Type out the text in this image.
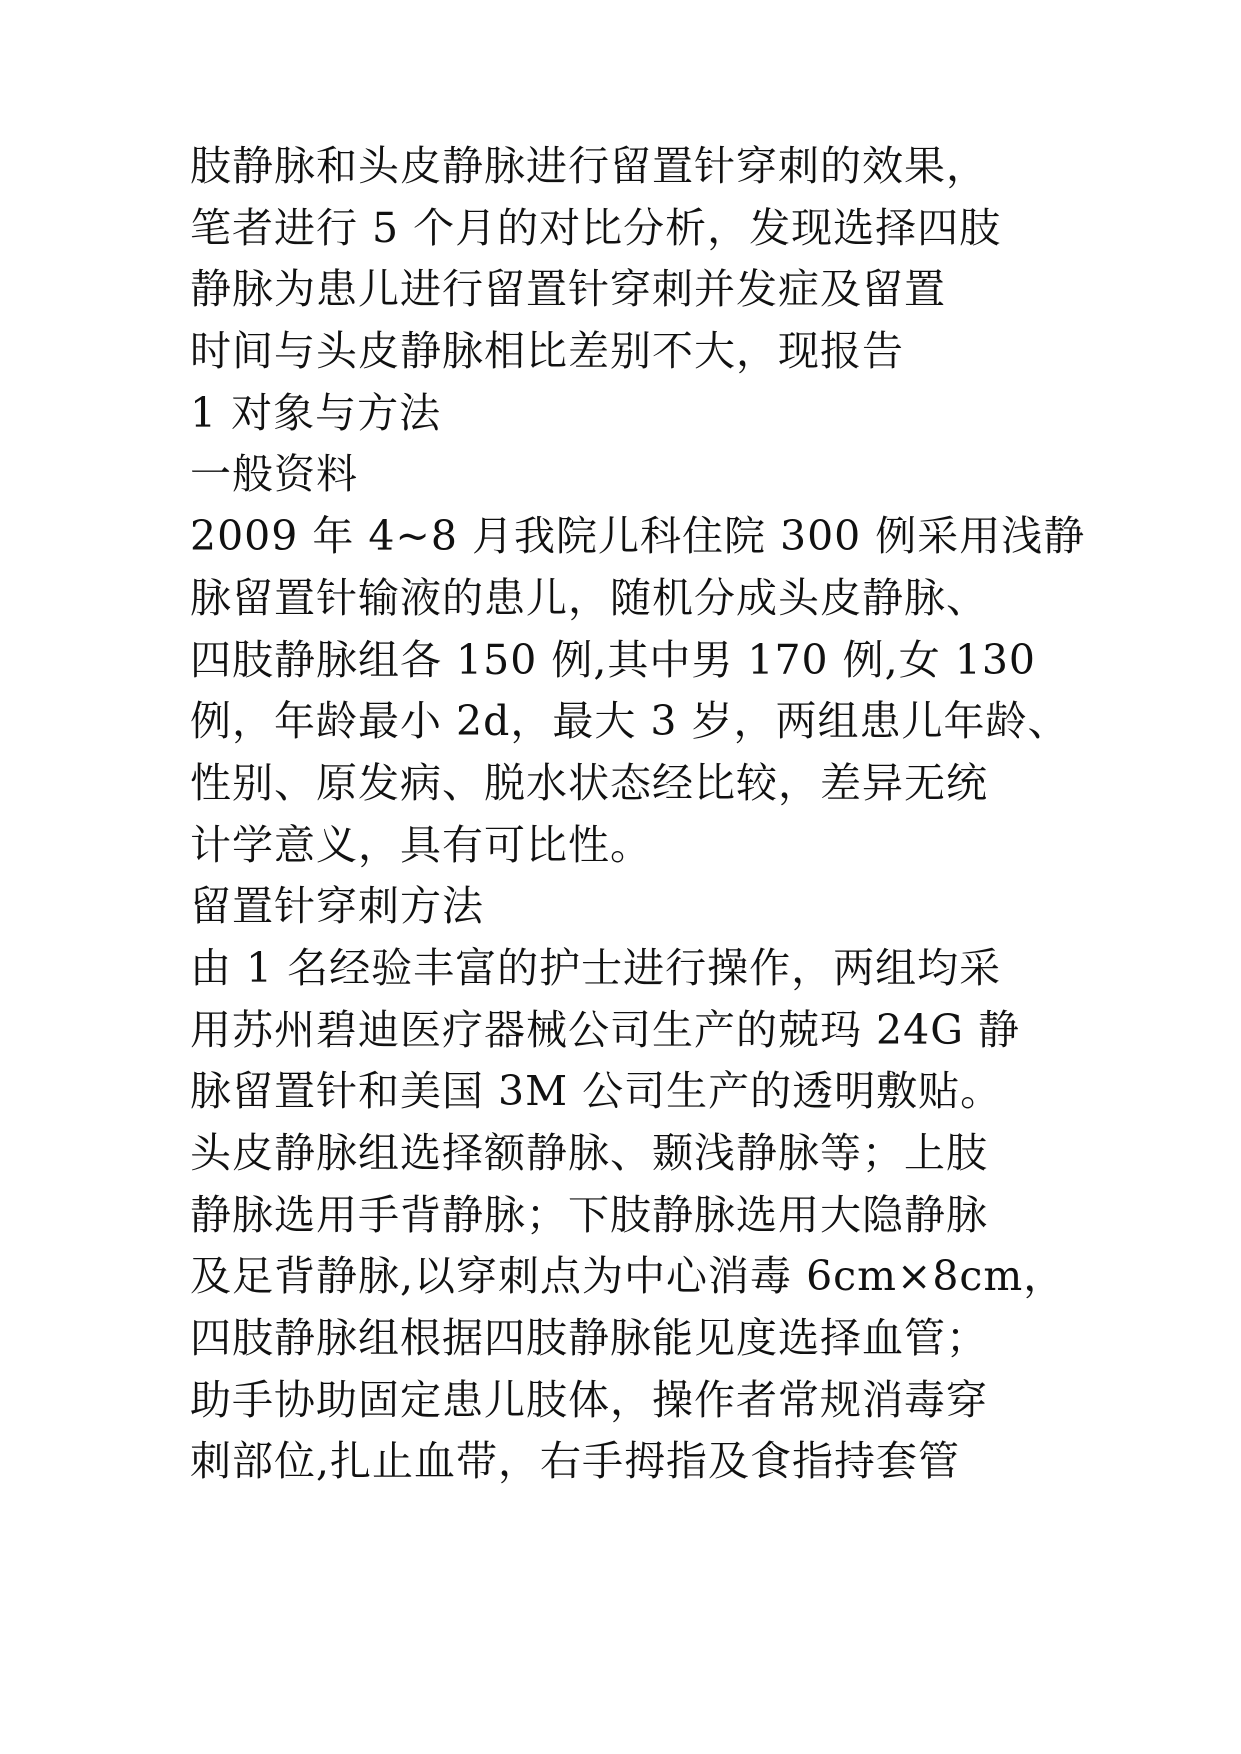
肢静脉和头皮静脉进行留置针穿刺的效果，
笔者进行 5 个月的对比分析，发现选择四肢
静脉为患儿进行留置针穿刺并发症及留置
时间与头皮静脉相比差别不大，现报告
1 对象与方法
一般资料
2009 年 4~8 月我院儿科住院 300 例采用浅静
脉留置针输液的患儿，随机分成头皮静脉、
四肢静脉组各 150 例,其中男 170 例,女 130
例，年龄最小 2d，最大 3 岁，两组患儿年龄、
性别、原发病、脱水状态经比较，差异无统
计学意义，具有可比性。
留置针穿刺方法
由 1 名经验丰富的护士进行操作，两组均采
用苏州碧迪医疗器械公司生产的兢玛 24G 静
脉留置针和美国 3M 公司生产的透明敷贴。
头皮静脉组选择额静脉、颞浅静脉等；上肢
静脉选用手背静脉；下肢静脉选用大隐静脉
及足背静脉,以穿刺点为中心消毒 6cm×8cm，
四肢静脉组根据四肢静脉能见度选择血管；
助手协助固定患儿肢体，操作者常规消毒穿
刺部位,扎止血带，右手拇指及食指持套管
